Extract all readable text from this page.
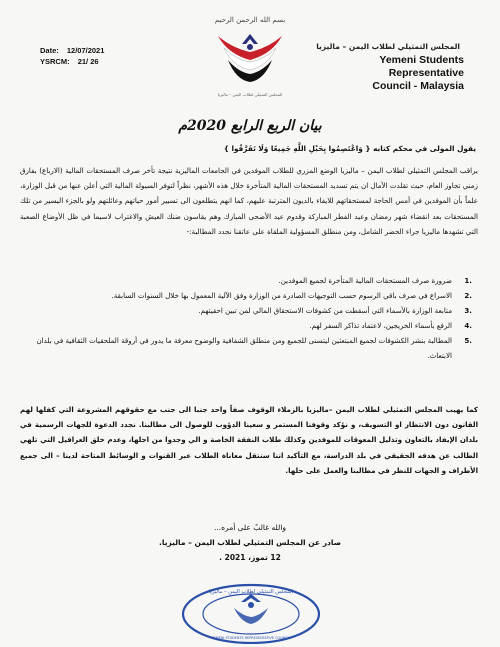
Date: 12/07/2021
YSRCM: 21/ 26
بسم الله الرحمن الرحيم
المجلس التمثيلي لطلاب اليمن – ماليزيا
المجلس التمثيلي لطلاب اليمن – ماليزيا
Yemeni Students Representative
Council - Malaysia
بيان الربع الرابع 2020م
يقول المولى في محكم كتابه { وَاعْتَصِمُوا بِحَبْلِ اللَّهِ جَمِيعًا وَلَا تَفَرَّقُوا }
يراقب المجلس التمثيلي لطلاب اليمن – ماليزيا الوضع المزري للطلاب الموفدين في الجامعات الماليزية نتيجة تأخر صرف المستحقات المالية (الارباع) بفارق زمني تجاوز العام، حيث تقلدت الآمال ان يتم تسديد المستحقات المالية المتأخرة خلال هذه الأشهر، نظراً لتوفر السيولة المالية التي أعلن عنها من قبل الوزارة، علماً بأن الموفدين في أمس الحاجة لمستحقاتهم للايفاء بالديون المترتبة عليهم، كما انهم يتطلعون الى تسيير أمور حياتهم وعائلتهم ولو بالجزء اليسير من تلك المستحقات بعد انقضاء شهر رمضان وعيد الفطر المباركة وقدوم عيد الأضحى المبارك وهم يقاسون ضنك العيش والاغتراب لاسيما في ظل الأوضاع الصعبة التي تشهدها ماليزيا جراء الحضر الشامل، ومن منطلق المسؤولية الملقاة على عاتقنا نجدد المطالبة:-
.1
ضرورة صرف المستحقات المالية المتأخرة لجميع الموفدين.
.2
الاسراع في صرف باقي الرسوم حسب التوجيهات الصادرة من الوزارة وفق الآلية المعمول بها خلال السنوات السابقة.
.3
متابعة الوزارة بالأسماء التي أسقطت من كشوفات الاستحقاق المالي لمن تبين احقيتهم.
.4
الرفع بأسماء الخريجين، لاعتماد تذاكر السفر لهم.
.5
المطالبة بنشر الكشوفات لجميع المبتعثين ليتسنى للجميع ومن منطلق الشفافية والوضوح معرفة ما يدور في أروقة الملحقيات الثقافية في بلدان الابتعاث.
كما يهيب المجلس التمثيلي لطلاب اليمن –ماليزيا بالزملاء الوقوف صفاً واحد جنبا الى جنب مع حقوقهم المشروعة التي كفلها لهم القانون دون الانتظار او التسويف، و نؤكد وقوفنا المستمر و سعينا الدؤوب للوصول الى مطالبنا. نجدد الدعوة للجهات الرسمية في بلدان الإيفاد بالتعاون وتذليل المعوقات للموفدين وكذلك طلاب النفقة الخاصة و الي وجدوا من اجلها، وعدم خلق العراقيل التي تلهي الطالب عن هدفه الحقيقي في بلد الدراسة، مع التأكيد اننا سنتقل معاناة الطلاب عبر القنوات و الوسائط المتاحة لدينا – الى جميع الأطراف و الجهات للنظر في مطالبنا والعمل على حلها.
والله غالبٌ على أمره...
صادر عن المجلس التمثيلي لطلاب اليمن – ماليزيا.
12 تموز، 2021 .
المجلس التمثيلي لطلاب اليمن – ماليزيا
YEMENI STUDENTS REPRESENTATIVE COUNCIL
